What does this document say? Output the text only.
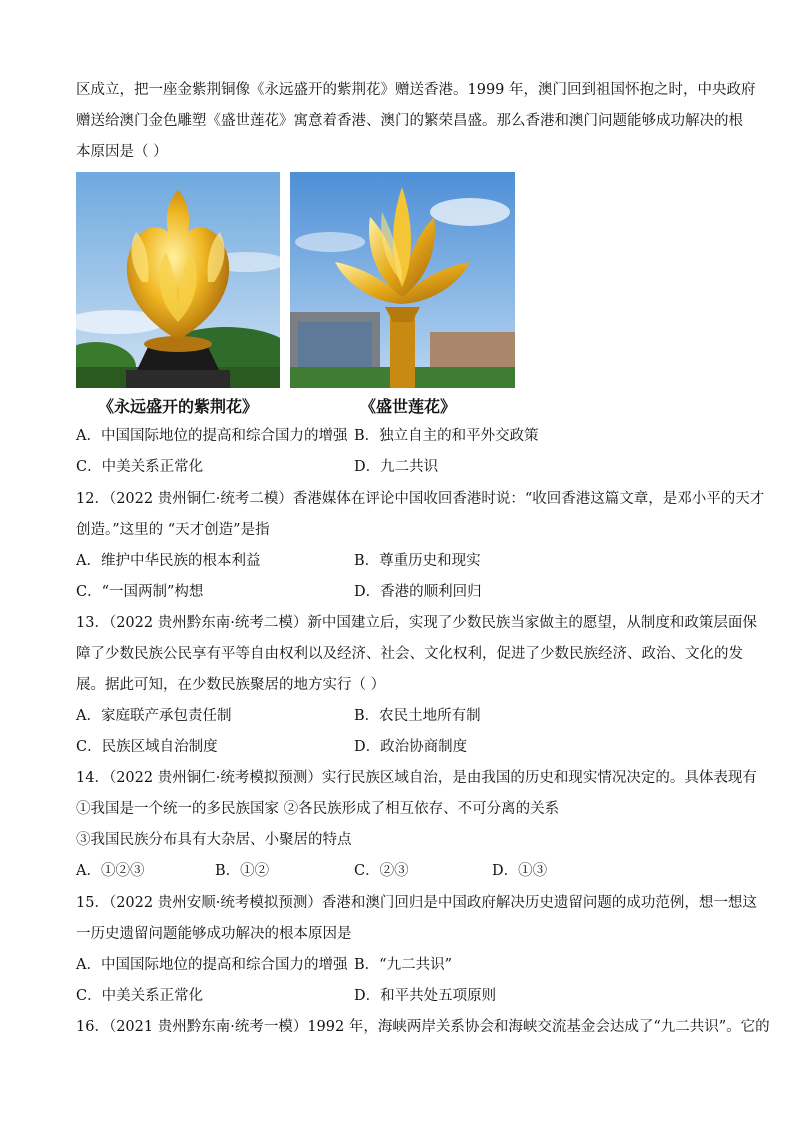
区成立，把一座金紫荆铜像《永远盛开的紫荆花》赠送香港。1999 年，澳门回到祖国怀抱之时，中央政府
赠送给澳门金色雕塑《盛世莲花》寓意着香港、澳门的繁荣昌盛。那么香港和澳门问题能够成功解决的根
本原因是（ ）
《永远盛开的紫荆花》	《盛世莲花》
A．中国国际地位的提高和综合国力的增强 B．独立自主的和平外交政策
C．中美关系正常化	D．九二共识
12．（2022 贵州铜仁·统考二模）香港媒体在评论中国收回香港时说：“收回香港这篇文章，是邓小平的天才
创造。”这里的 “天才创造”是指
A．维护中华民族的根本利益	B．尊重历史和现实
C．“一国两制”构想	D．香港的顺利回归
13．（2022 贵州黔东南·统考二模）新中国建立后，实现了少数民族当家做主的愿望，从制度和政策层面保
障了少数民族公民享有平等自由权利以及经济、社会、文化权利，促进了少数民族经济、政治、文化的发
展。据此可知，在少数民族聚居的地方实行（ ）
A．家庭联产承包责任制	B．农民土地所有制
C．民族区域自治制度	D．政治协商制度
14．（2022 贵州铜仁·统考模拟预测）实行民族区域自治，是由我国的历史和现实情况决定的。具体表现有
①我国是一个统一的多民族国家 ②各民族形成了相互依存、不可分离的关系
③我国民族分布具有大杂居、小聚居的特点
A．①②③	B．①②	C．②③	D．①③
15．（2022 贵州安顺·统考模拟预测）香港和澳门回归是中国政府解决历史遗留问题的成功范例，想一想这
一历史遗留问题能够成功解决的根本原因是
A．中国国际地位的提高和综合国力的增强 B．“九二共识”
C．中美关系正常化	D．和平共处五项原则
16．（2021 贵州黔东南·统考一模）1992 年，海峡两岸关系协会和海峡交流基金会达成了“九二共识”。它的
